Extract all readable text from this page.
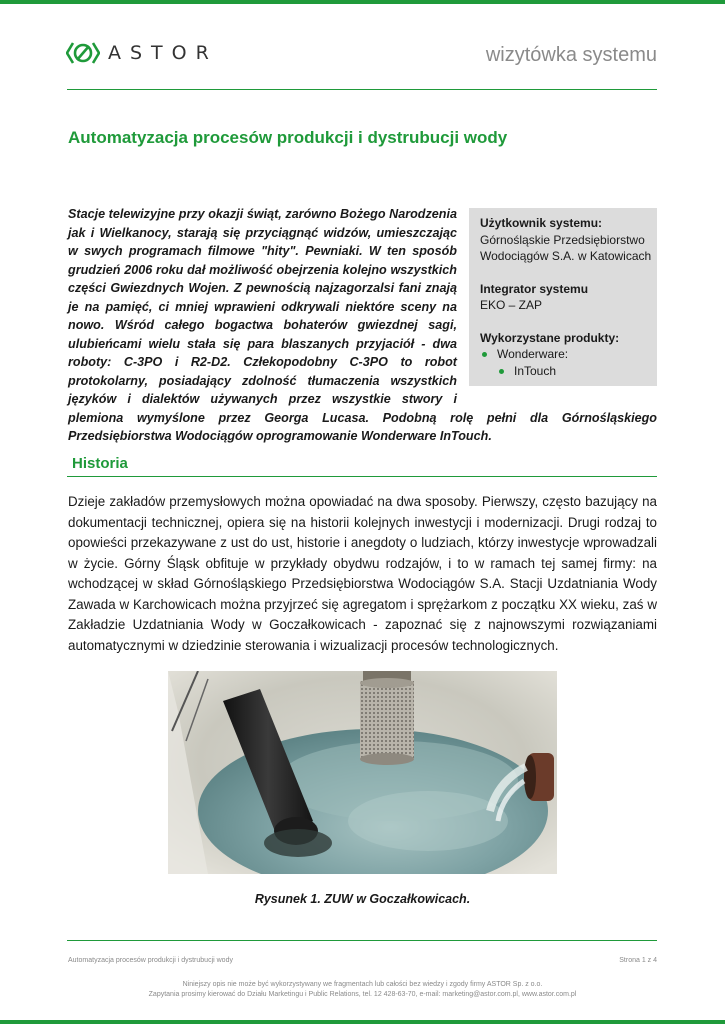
ASTOR	wizytówka systemu
Automatyzacja procesów produkcji i dystrubucji wody
Użytkownik systemu:
Górnośląskie Przedsiębiorstwo Wodociągów S.A. w Katowicach
Integrator systemu
EKO – ZAP
Wykorzystane produkty:
Wonderware:
InTouch
Stacje telewizyjne przy okazji świąt, zarówno Bożego Narodzenia jak i Wielkanocy, starają się przyciągnąć widzów, umieszczając w swych programach filmowe "hity". Pewniaki. W ten sposób grudzień 2006 roku dał możliwość obejrzenia kolejno wszystkich części Gwiezdnych Wojen. Z pewnością najzagorzalsi fani znają je na pamięć, ci mniej wprawieni odkrywali niektóre sceny na nowo. Wśród całego bogactwa bohaterów gwiezdnej sagi, ulubieńcami wielu stała się para blaszanych przyjaciół - dwa roboty: C-3PO i R2-D2. Człekopodobny C-3PO to robot protokolarny, posiadający zdolność tłumaczenia wszystkich języków i dialektów używanych przez wszystkie stwory i plemiona wymyślone przez Georga Lucasa. Podobną rolę pełni dla Górnośląskiego Przedsiębiorstwa Wodociągów oprogramowanie Wonderware InTouch.
Historia

Dzieje zakładów przemysłowych można opowiadać na dwa sposoby. Pierwszy, często bazujący na dokumentacji technicznej, opiera się na historii kolejnych inwestycji i modernizacji. Drugi rodzaj to opowieści przekazywane z ust do ust, historie i anegdoty o ludziach, którzy inwestycje wprowadzali w życie. Górny Śląsk obfituje w przykłady obydwu rodzajów, i to w ramach tej samej firmy: na wchodzącej w skład Górnośląskiego Przedsiębiorstwa Wodociągów S.A. Stacji Uzdatniania Wody Zawada w Karchowicach można przyjrzeć się agregatom i sprężarkom z początku XX wieku, zaś w Zakładzie Uzdatniania Wody w Goczałkowicach - zapoznać się z najnowszymi rozwiązaniami automatycznymi w dziedzinie sterowania i wizualizacji procesów technologicznych.

Rysunek 1. ZUW w Goczałkowicach.
Automatyzacja procesów produkcji i dystrubucji wody	Strona 1 z 4
Niniejszy opis nie może być wykorzystywany we fragmentach lub całości bez wiedzy i zgody firmy ASTOR Sp. z o.o.
Zapytania prosimy kierować do Działu Marketingu i Public Relations, tel. 12 428-63-70, e-mail: marketing@astor.com.pl, www.astor.com.pl
